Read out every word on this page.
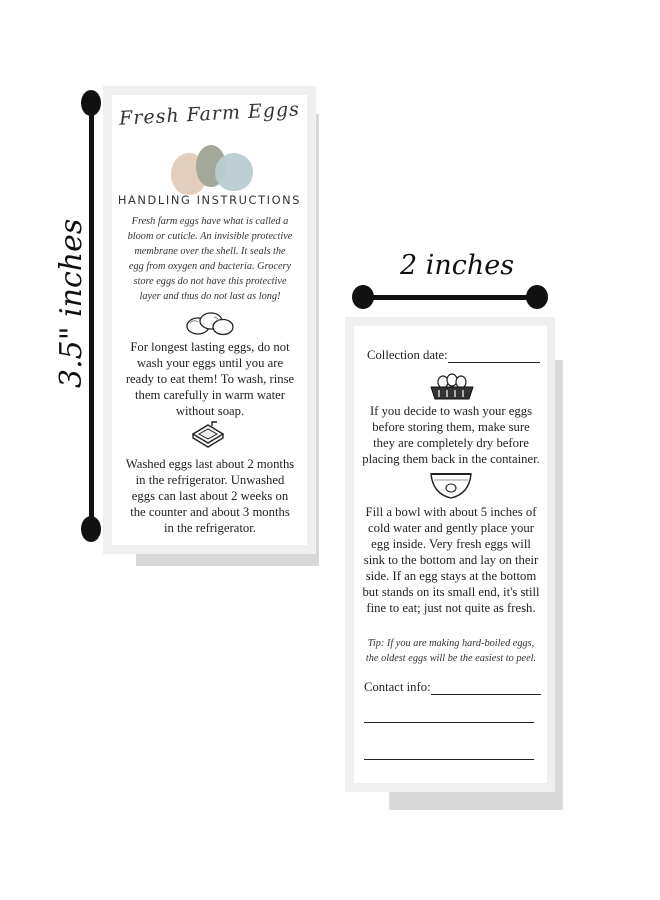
3.5" inches	2 inches
Fresh Farm Eggs
HANDLING INSTRUCTIONS
Fresh farm eggs have what is called a bloom or cuticle. An invisible protective membrane over the shell. It seals the egg from oxygen and bacteria. Grocery store eggs do not have this protective layer and thus do not last as long!
For longest lasting eggs, do not wash your eggs until you are ready to eat them! To wash, rinse them carefully in warm water without soap.
Washed eggs last about 2 months in the refrigerator. Unwashed eggs can last about 2 weeks on the counter and about 3 months in the refrigerator.
Collection date:
If you decide to wash your eggs before storing them, make sure they are completely dry before placing them back in the container.
Fill a bowl with about 5 inches of cold water and gently place your egg inside. Very fresh eggs will sink to the bottom and lay on their side. If an egg stays at the bottom but stands on its small end, it's still fine to eat; just not quite as fresh.
Tip: If you are making hard-boiled eggs, the oldest eggs will be the easiest to peel.
Contact info:
